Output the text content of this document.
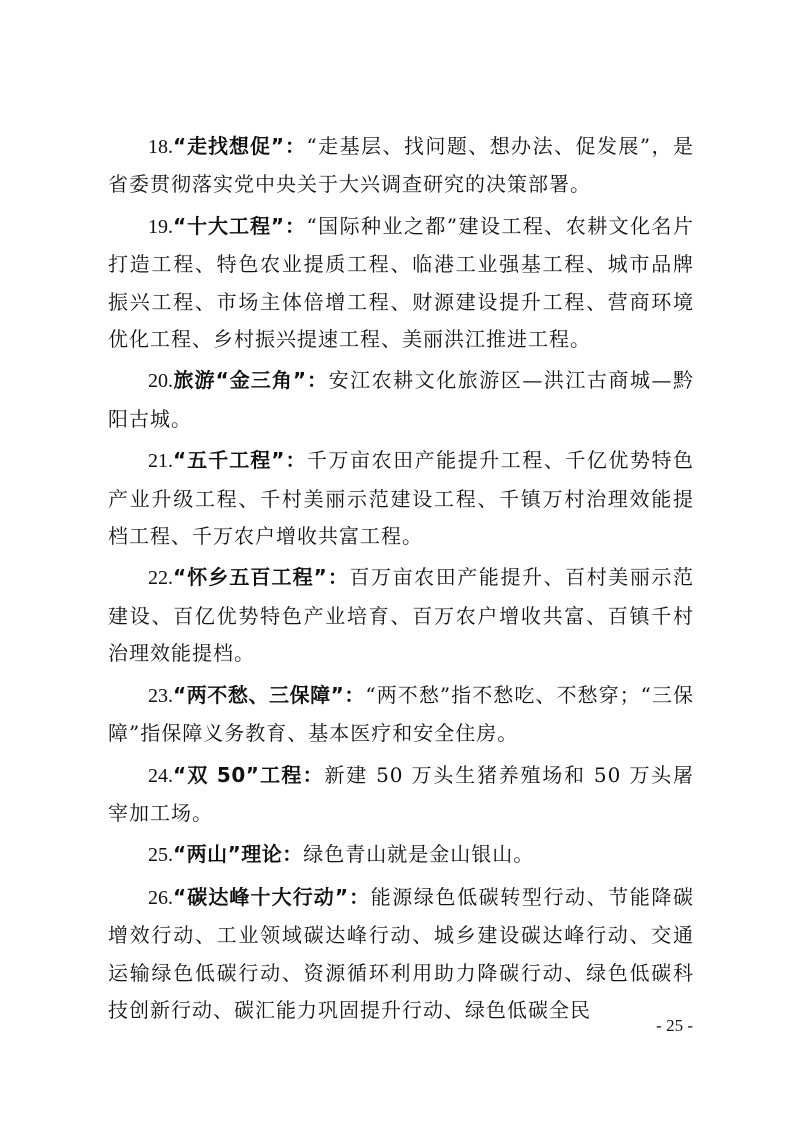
18.“走找想促”：“走基层、找问题、想办法、促发展”，是省委贯彻落实党中央关于大兴调查研究的决策部署。

19.“十大工程”：“国际种业之都”建设工程、农耕文化名片打造工程、特色农业提质工程、临港工业强基工程、城市品牌振兴工程、市场主体倍增工程、财源建设提升工程、营商环境优化工程、乡村振兴提速工程、美丽洪江推进工程。

20.旅游“金三角”：安江农耕文化旅游区—洪江古商城—黔阳古城。

21.“五千工程”：千万亩农田产能提升工程、千亿优势特色产业升级工程、千村美丽示范建设工程、千镇万村治理效能提档工程、千万农户增收共富工程。

22.“怀乡五百工程”：百万亩农田产能提升、百村美丽示范建设、百亿优势特色产业培育、百万农户增收共富、百镇千村治理效能提档。

23.“两不愁、三保障”：“两不愁”指不愁吃、不愁穿；“三保障”指保障义务教育、基本医疗和安全住房。

24.“双 50”工程：新建 50 万头生猪养殖场和 50 万头屠宰加工场。

25.“两山”理论：绿色青山就是金山银山。

26.“碳达峰十大行动”：能源绿色低碳转型行动、节能降碳增效行动、工业领域碳达峰行动、城乡建设碳达峰行动、交通运输绿色低碳行动、资源循环利用助力降碳行动、绿色低碳科技创新行动、碳汇能力巩固提升行动、绿色低碳全民

- 25 -
